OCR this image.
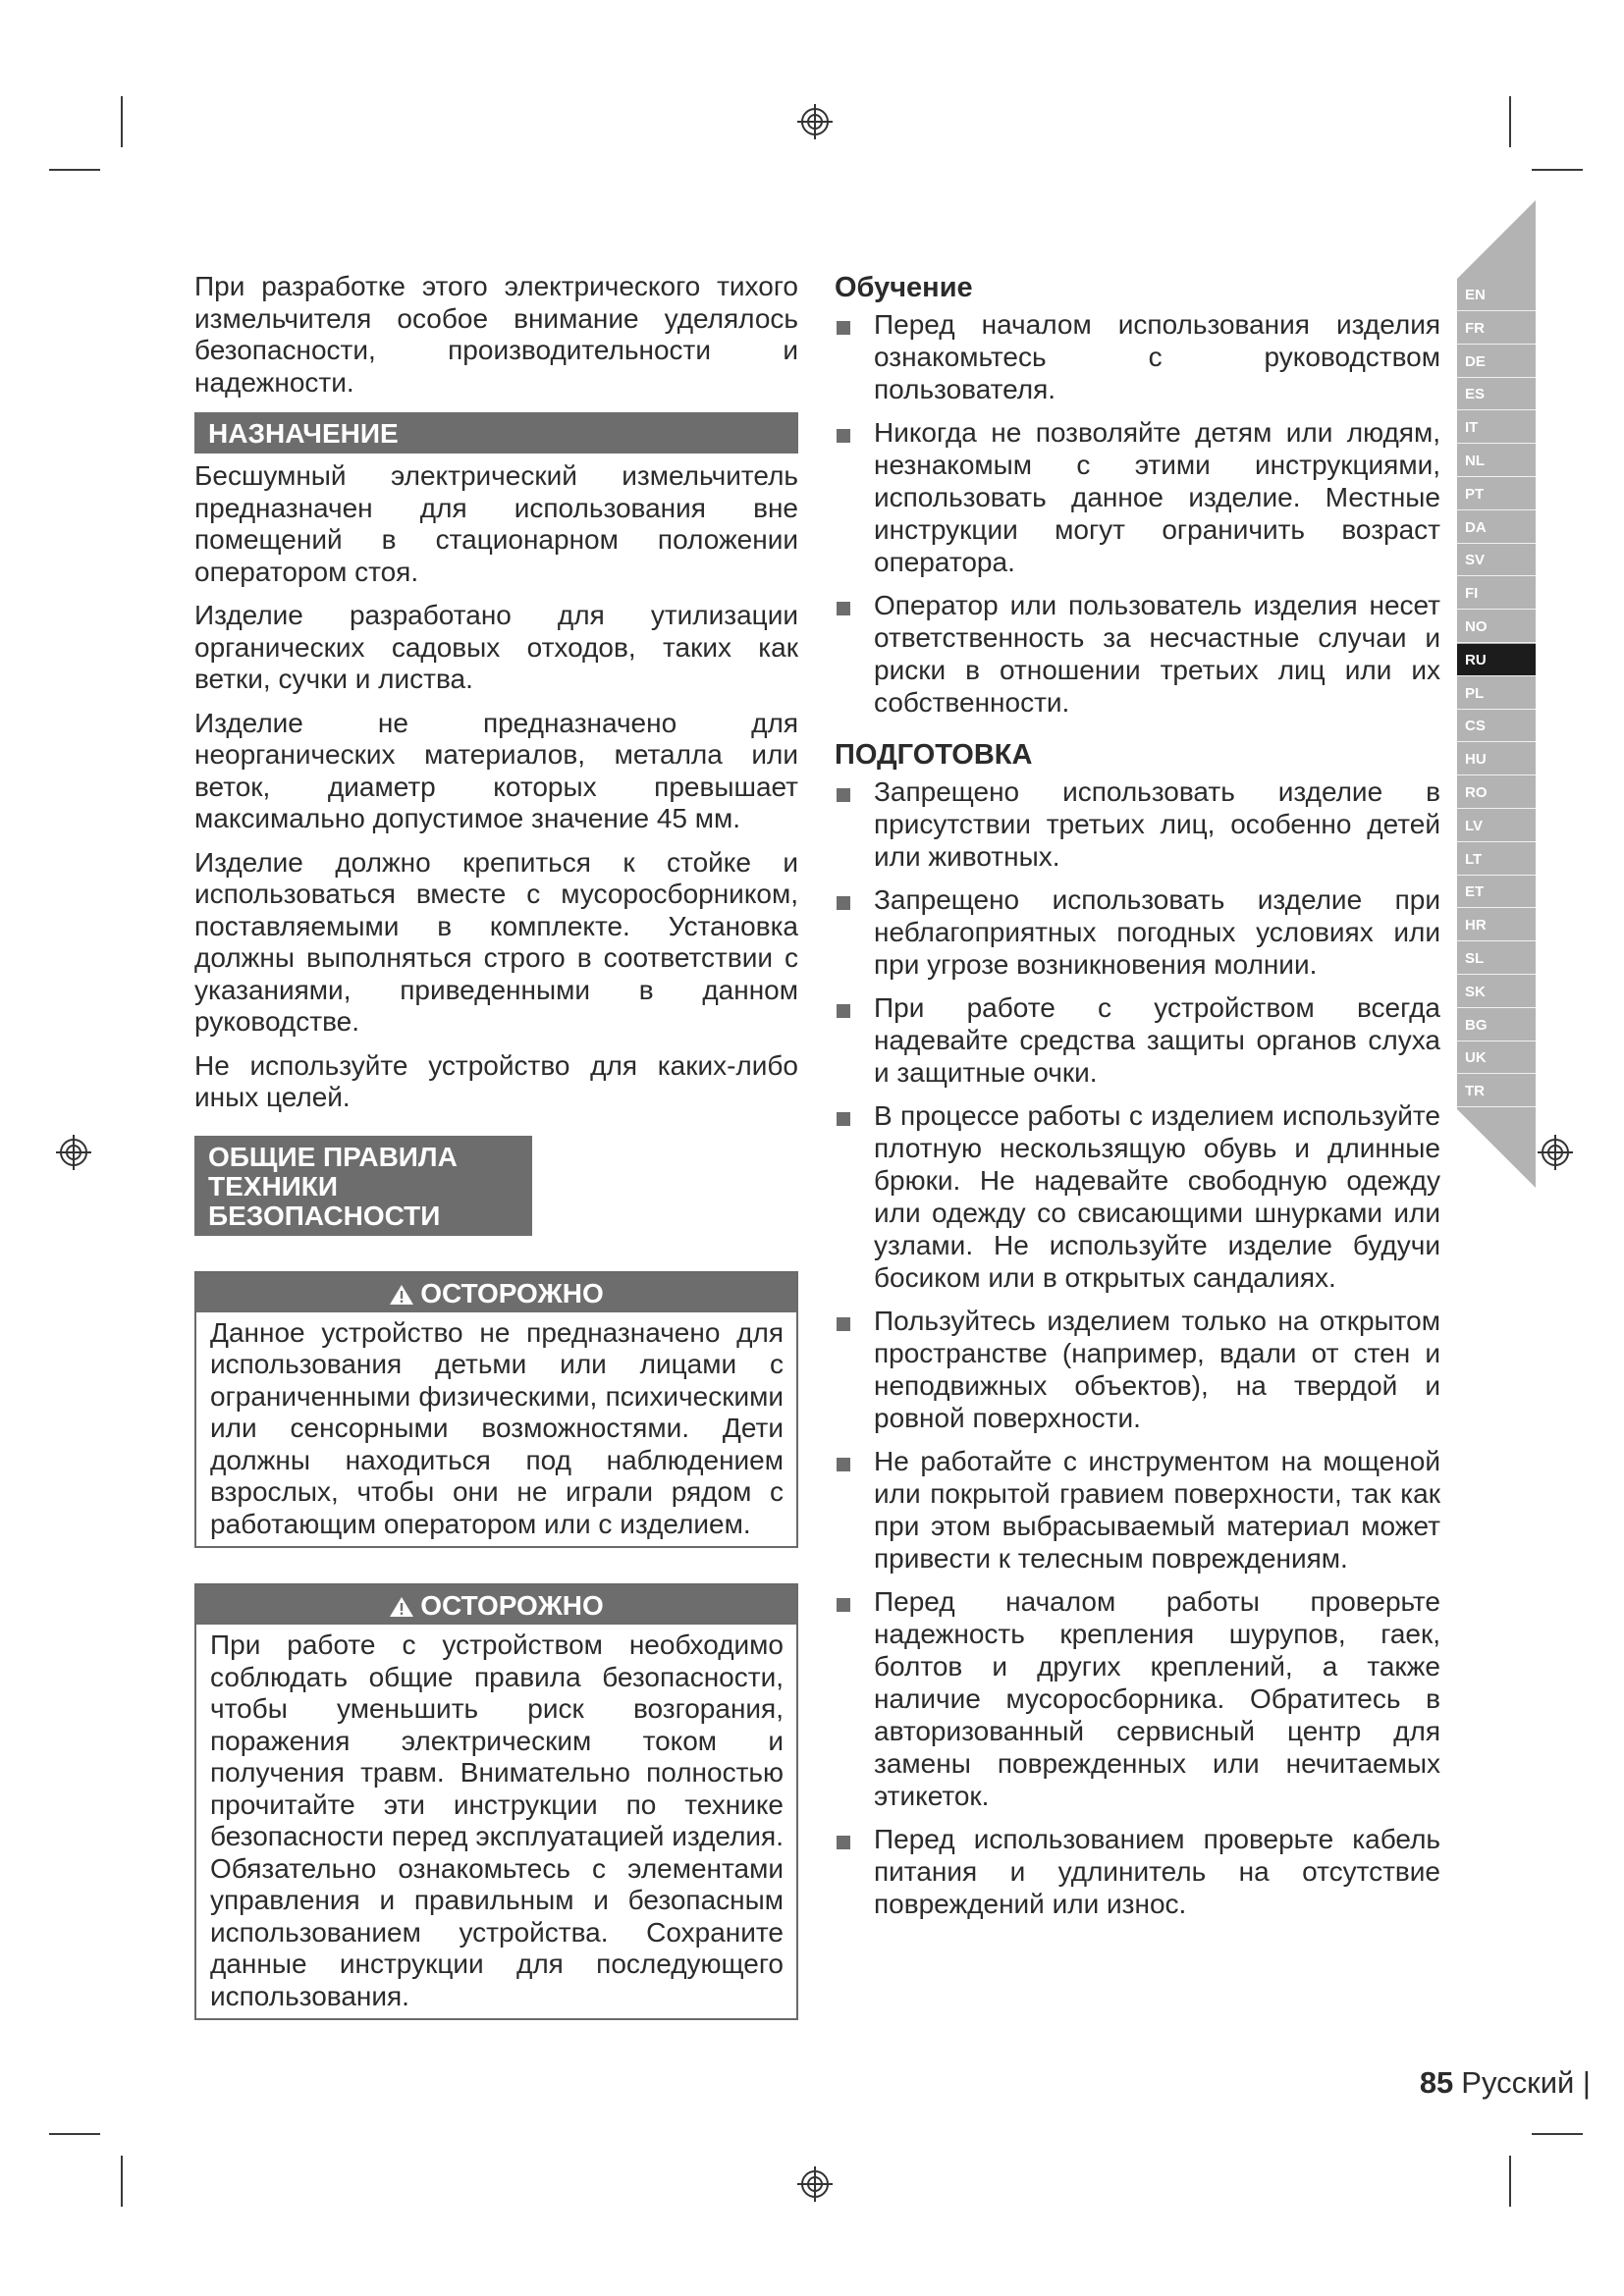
При разработке этого электрического тихого измельчителя особое внимание уделялось безопасности, производительности и надежности.

НАЗНАЧЕНИЕ

Бесшумный электрический измельчитель предназначен для использования вне помещений в стационарном положении оператором стоя.

Изделие разработано для утилизации органических садовых отходов, таких как ветки, сучки и листва.

Изделие не предназначено для неорганических материалов, металла или веток, диаметр которых превышает максимально допустимое значение 45 мм.

Изделие должно крепиться к стойке и использоваться вместе с мусоросборником, поставляемыми в комплекте. Установка должны выполняться строго в соответствии с указаниями, приведенными в данном руководстве.

Не используйте устройство для каких-либо иных целей.

ОБЩИЕ ПРАВИЛА ТЕХНИКИ БЕЗОПАСНОСТИ
ОСТОРОЖНО

Данное устройство не предназначено для использования детьми или лицами с ограниченными физическими, психическими или сенсорными возможностями. Дети должны находиться под наблюдением взрослых, чтобы они не играли рядом с работающим оператором или с изделием.

ОСТОРОЖНО

При работе с устройством необходимо соблюдать общие правила безопасности, чтобы уменьшить риск возгорания, поражения электрическим током и получения травм. Внимательно полностью прочитайте эти инструкции по технике безопасности перед эксплуатацией изделия. Обязательно ознакомьтесь с элементами управления и правильным и безопасным использованием устройства. Сохраните данные инструкции для последующего использования.

Обучение
Перед началом использования изделия ознакомьтесь с руководством пользователя.
Никогда не позволяйте детям или людям, незнакомым с этими инструкциями, использовать данное изделие. Местные инструкции могут ограничить возраст оператора.
Оператор или пользователь изделия несет ответственность за несчастные случаи и риски в отношении третьих лиц или их собственности.
ПОДГОТОВКА
Запрещено использовать изделие в присутствии третьих лиц, особенно детей или животных.
Запрещено использовать изделие при неблагоприятных погодных условиях или при угрозе возникновения молнии.
При работе с устройством всегда надевайте средства защиты органов слуха и защитные очки.
В процессе работы с изделием используйте плотную нескользящую обувь и длинные брюки. Не надевайте свободную одежду или одежду со свисающими шнурками или узлами. Не используйте изделие будучи босиком или в открытых сандалиях.
Пользуйтесь изделием только на открытом пространстве (например, вдали от стен и неподвижных объектов), на твердой и ровной поверхности.
Не работайте с инструментом на мощеной или покрытой гравием поверхности, так как при этом выбрасываемый материал может привести к телесным повреждениям.
Перед началом работы проверьте надежность крепления шурупов, гаек, болтов и других креплений, а также наличие мусоросборника. Обратитесь в авторизованный сервисный центр для замены поврежденных или нечитаемых этикеток.
Перед использованием проверьте кабель питания и удлинитель на отсутствие повреждений или износ.
EN
FR
DE
ES
IT
NL
PT
DA
SV
FI
NO
RU
PL
CS
HU
RO
LV
LT
ET
HR
SL
SK
BG
UK
TR
85 Русский |
